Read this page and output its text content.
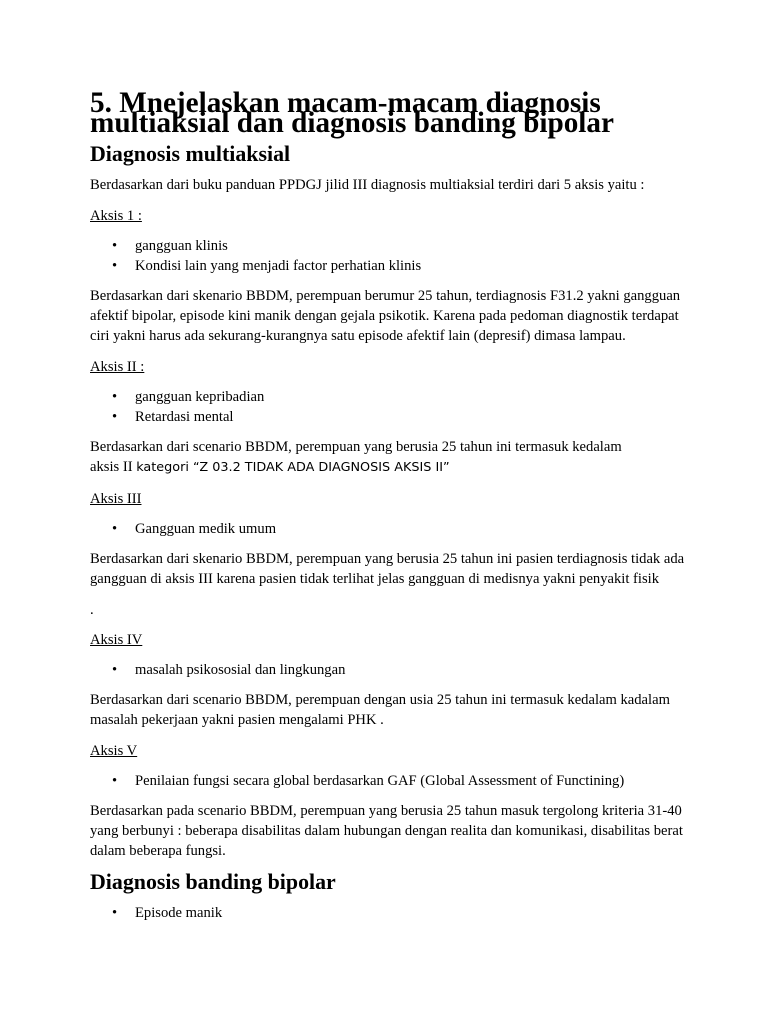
5. Mnejelaskan macam-macam diagnosis multiaksial dan diagnosis banding bipolar
Diagnosis multiaksial

Berdasarkan dari buku panduan PPDGJ jilid III diagnosis multiaksial terdiri dari 5 aksis yaitu :

Aksis 1 :

• gangguan klinis
• Kondisi lain yang menjadi factor perhatian klinis

Berdasarkan dari skenario BBDM, perempuan berumur 25 tahun, terdiagnosis F31.2 yakni gangguan afektif bipolar, episode kini manik dengan gejala psikotik. Karena pada pedoman diagnostik terdapat ciri yakni harus ada sekurang-kurangnya satu episode afektif lain (depresif) dimasa lampau.

Aksis II :

• gangguan kepribadian
• Retardasi mental

Berdasarkan dari scenario BBDM, perempuan yang berusia 25 tahun ini termasuk kedalam
aksis II kategori “Z 03.2 TIDAK ADA DIAGNOSIS AKSIS II”

Aksis III

• Gangguan medik umum

Berdasarkan dari skenario BBDM, perempuan yang berusia 25 tahun ini pasien terdiagnosis tidak ada gangguan di aksis III karena pasien tidak terlihat jelas gangguan di medisnya yakni penyakit fisik

.

Aksis IV

• masalah psikososial dan lingkungan

Berdasarkan dari scenario BBDM, perempuan dengan usia 25 tahun ini termasuk kedalam kadalam masalah pekerjaan yakni pasien mengalami PHK .

Aksis V

• Penilaian fungsi secara global berdasarkan GAF (Global Assessment of Functining)

Berdasarkan pada scenario BBDM, perempuan yang berusia 25 tahun masuk tergolong kriteria 31-40 yang berbunyi : beberapa disabilitas dalam hubungan dengan realita dan komunikasi, disabilitas berat dalam beberapa fungsi.

Diagnosis banding bipolar
• Episode manik
